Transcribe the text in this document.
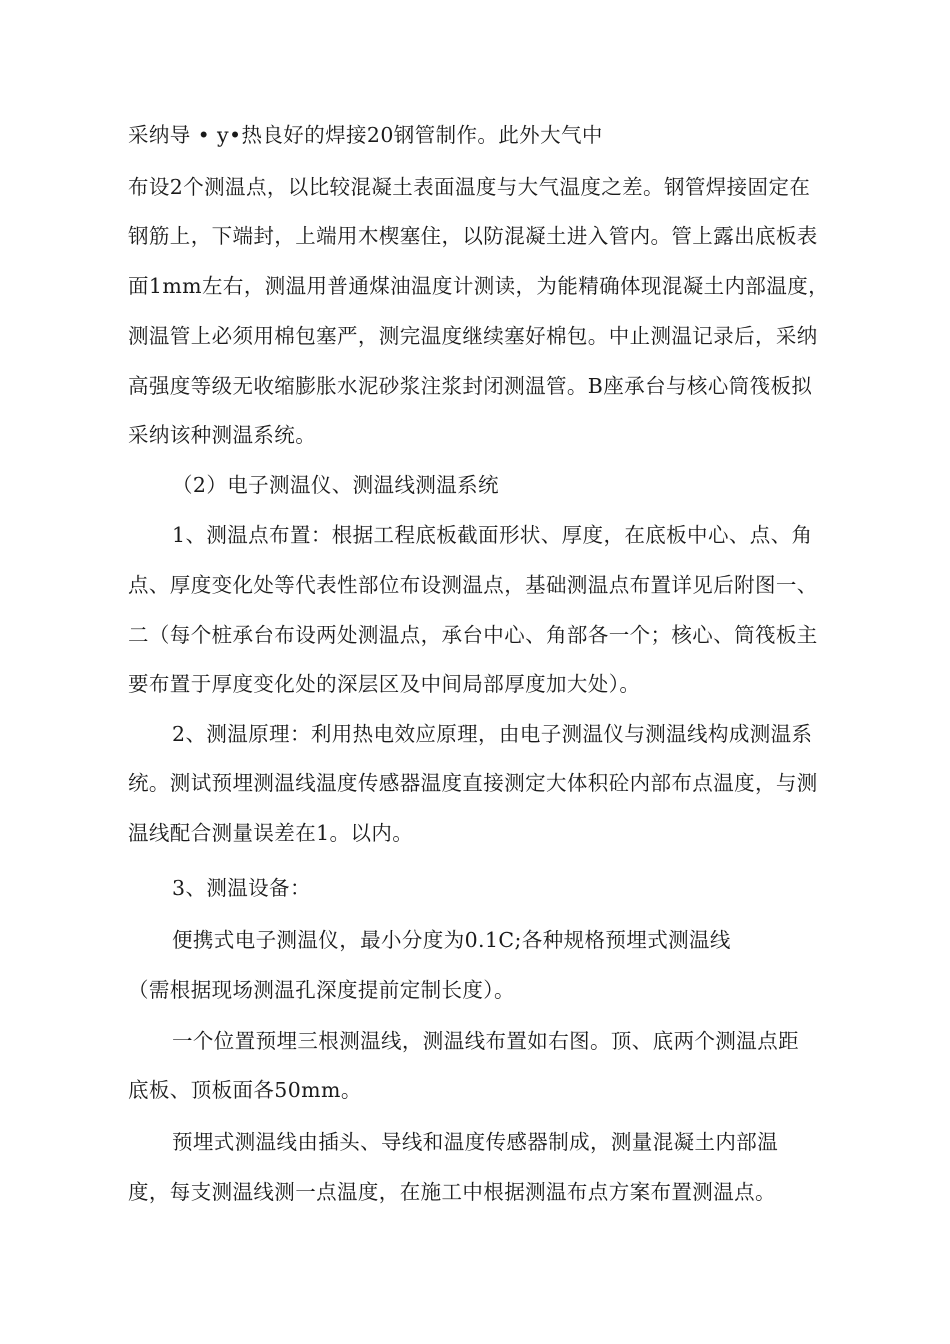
采纳导 • y•热良好的焊接20钢管制作。此外大气中
布设2个测温点，以比较混凝土表面温度与大气温度之差。钢管焊接固定在
钢筋上，下端封，上端用木楔塞住，以防混凝土进入管内。管上露出底板表
面1mm左右，测温用普通煤油温度计测读，为能精确体现混凝土内部温度，
测温管上必须用棉包塞严，测完温度继续塞好棉包。中止测温记录后，采纳
高强度等级无收缩膨胀水泥砂浆注浆封闭测温管。B座承台与核心筒筏板拟
采纳该种测温系统。
（2）电子测温仪、测温线测温系统
1、测温点布置：根据工程底板截面形状、厚度，在底板中心、点、角
点、厚度变化处等代表性部位布设测温点，基础测温点布置详见后附图一、
二（每个桩承台布设两处测温点，承台中心、角部各一个；核心、筒筏板主
要布置于厚度变化处的深层区及中间局部厚度加大处）。
2、测温原理：利用热电效应原理，由电子测温仪与测温线构成测温系
统。测试预埋测温线温度传感器温度直接测定大体积砼内部布点温度，与测
温线配合测量误差在1。以内。
3、测温设备：
便携式电子测温仪，最小分度为0.1C;各种规格预埋式测温线
（需根据现场测温孔深度提前定制长度）。
一个位置预埋三根测温线，测温线布置如右图。顶、底两个测温点距
底板、顶板面各50mm。
预埋式测温线由插头、导线和温度传感器制成，测量混凝土内部温
度，每支测温线测一点温度，在施工中根据测温布点方案布置测温点。
